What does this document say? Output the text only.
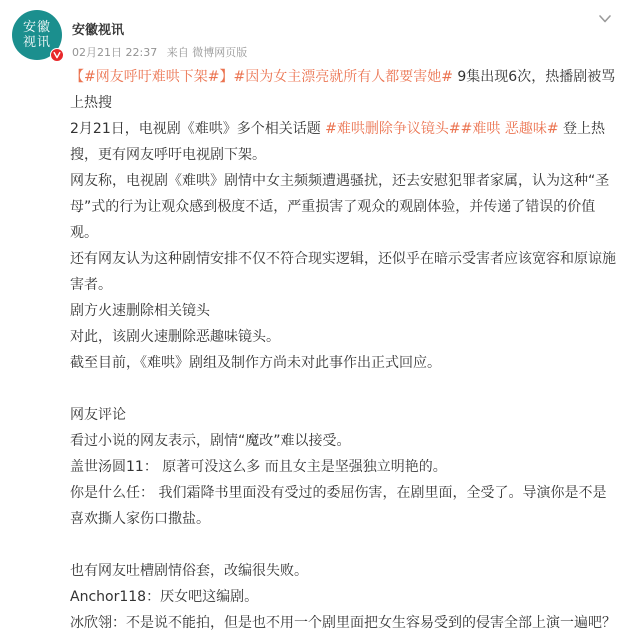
安徽
视讯
安徽视讯
02月21日 22:37 来自 微博网页版

【#网友呼吁难哄下架#】#因为女主漂亮就所有人都要害她# 9集出现6次，热播剧被骂上热搜

2月21日，电视剧《难哄》多个相关话题 #难哄删除争议镜头##难哄 恶趣味# 登上热搜，更有网友呼吁电视剧下架。

网友称，电视剧《难哄》剧情中女主频频遭遇骚扰，还去安慰犯罪者家属，认为这种“圣母”式的行为让观众感到极度不适，严重损害了观众的观剧体验，并传递了错误的价值观。

还有网友认为这种剧情安排不仅不符合现实逻辑，还似乎在暗示受害者应该宽容和原谅施害者。

剧方火速删除相关镜头

对此，该剧火速删除恶趣味镜头。

截至目前，《难哄》剧组及制作方尚未对此事作出正式回应。

网友评论

看过小说的网友表示，剧情“魔改”难以接受。

盖世汤圆11： 原著可没这么多 而且女主是坚强独立明艳的。

你是什么任： 我们霜降书里面没有受过的委屈伤害，在剧里面，全受了。导演你是不是喜欢撕人家伤口撒盐。

也有网友吐槽剧情俗套，改编很失败。

Anchor118：厌女吧这编剧。

冰欣翎：不是说不能拍，但是也不用一个剧里面把女生容易受到的侵害全部上演一遍吧？
